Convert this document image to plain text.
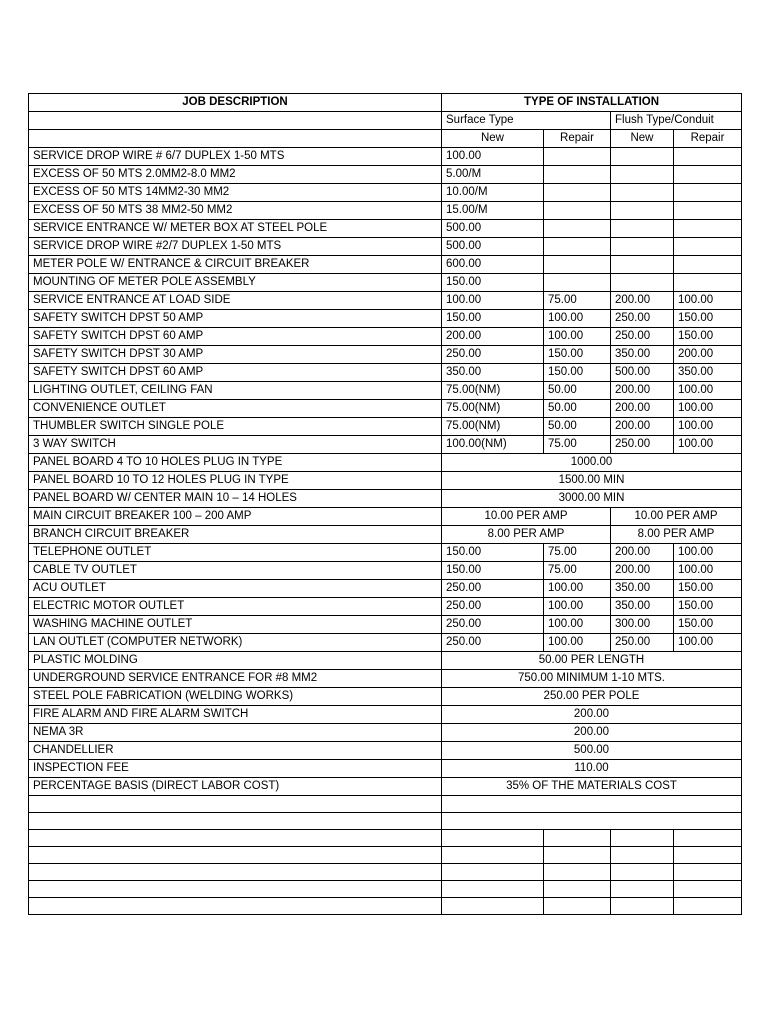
JOB DESCRIPTION	TYPE OF INSTALLATION			
	Surface Type		Flush Type/Conduit	
	New	Repair	New	Repair
SERVICE DROP WIRE # 6/7 DUPLEX 1-50 MTS	100.00			
EXCESS OF 50 MTS 2.0MM2-8.0 MM2	5.00/M			
EXCESS OF 50 MTS 14MM2-30 MM2	10.00/M			
EXCESS OF 50 MTS 38 MM2-50 MM2	15.00/M			
SERVICE ENTRANCE W/ METER BOX AT STEEL POLE	500.00			
SERVICE DROP WIRE #2/7 DUPLEX 1-50 MTS	500.00			
METER POLE W/ ENTRANCE & CIRCUIT BREAKER	600.00			
MOUNTING OF METER POLE ASSEMBLY	150.00			
SERVICE ENTRANCE AT LOAD SIDE	100.00	75.00	200.00	100.00
SAFETY SWITCH DPST 50 AMP	150.00	100.00	250.00	150.00
SAFETY SWITCH DPST 60 AMP	200.00	100.00	250.00	150.00
SAFETY SWITCH DPST 30 AMP	250.00	150.00	350.00	200.00
SAFETY SWITCH DPST 60 AMP	350.00	150.00	500.00	350.00
LIGHTING OUTLET, CEILING FAN	75.00(NM)	50.00	200.00	100.00
CONVENIENCE OUTLET	75.00(NM)	50.00	200.00	100.00
THUMBLER SWITCH SINGLE POLE	75.00(NM)	50.00	200.00	100.00
3 WAY SWITCH	100.00(NM)	75.00	250.00	100.00
PANEL BOARD 4 TO 10 HOLES PLUG IN TYPE	1000.00			
PANEL BOARD 10 TO 12 HOLES PLUG IN TYPE	1500.00 MIN			
PANEL BOARD W/ CENTER MAIN 10 – 14 HOLES	3000.00 MIN			
MAIN CIRCUIT BREAKER 100 – 200 AMP	10.00 PER AMP		10.00 PER AMP	
BRANCH CIRCUIT BREAKER	8.00 PER AMP		8.00 PER AMP	
TELEPHONE OUTLET	150.00	75.00	200.00	100.00
CABLE TV OUTLET	150.00	75.00	200.00	100.00
ACU OUTLET	250.00	100.00	350.00	150.00
ELECTRIC MOTOR OUTLET	250.00	100.00	350.00	150.00
WASHING MACHINE OUTLET	250.00	100.00	300.00	150.00
LAN OUTLET (COMPUTER NETWORK)	250.00	100.00	250.00	100.00
PLASTIC MOLDING	50.00 PER LENGTH			
UNDERGROUND SERVICE ENTRANCE FOR #8 MM2	750.00 MINIMUM 1-10 MTS.			
STEEL POLE FABRICATION (WELDING WORKS)	250.00 PER POLE			
FIRE ALARM AND FIRE ALARM SWITCH	200.00			
NEMA 3R	200.00			
CHANDELLIER	500.00			
INSPECTION FEE	110.00			
PERCENTAGE BASIS (DIRECT LABOR COST)	35% OF THE MATERIALS COST			
